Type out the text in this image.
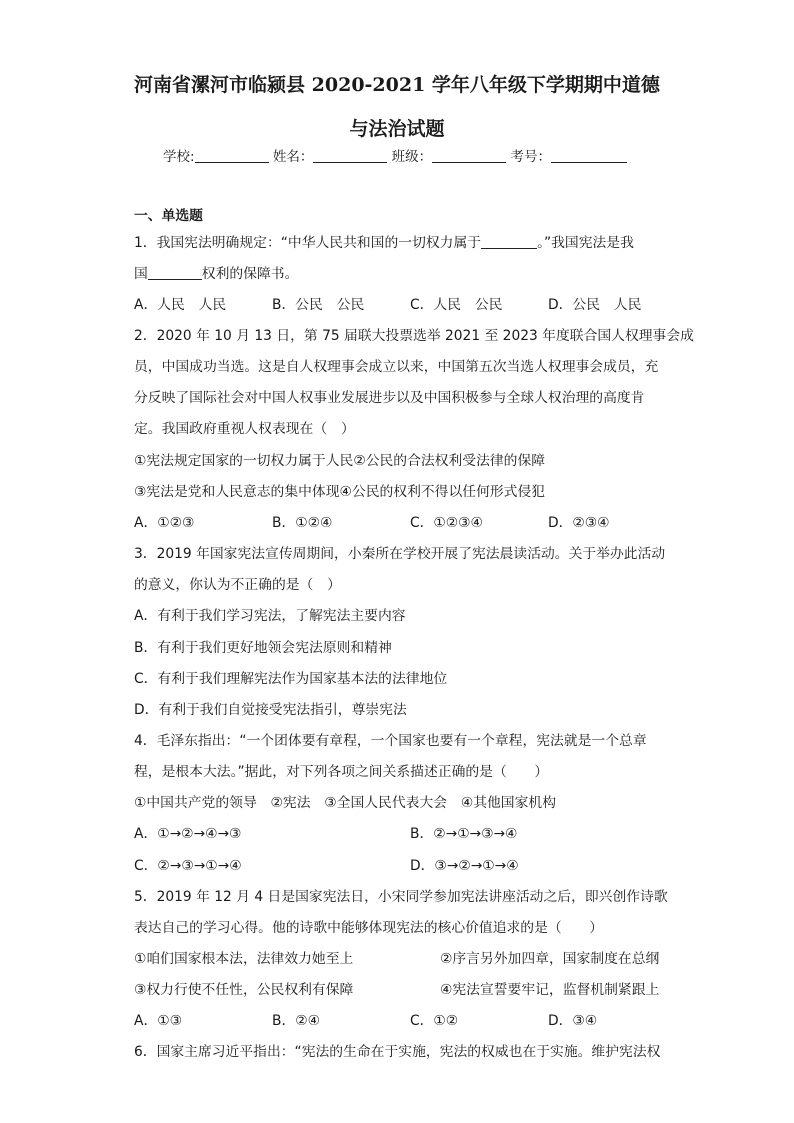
河南省漯河市临颍县 2020-2021 学年八年级下学期期中道德
与法治试题
学校:	姓名：	班级：	考号：
一、单选题
1．我国宪法明确规定：“中华人民共和国的一切权力属于	。”我国宪法是我
国	权利的保障书。
A．人民　人民	B．公民　公民	C．人民　公民	D．公民　人民
2．2020 年 10 月 13 日，第 75 届联大投票选举 2021 至 2023 年度联合国人权理事会成
员，中国成功当选。这是自人权理事会成立以来，中国第五次当选人权理事会成员，充
分反映了国际社会对中国人权事业发展进步以及中国积极参与全球人权治理的高度肯
定。我国政府重视人权表现在（　）
①宪法规定国家的一切权力属于人民②公民的合法权利受法律的保障
③宪法是党和人民意志的集中体现④公民的权利不得以任何形式侵犯
A．①②③	B．①②④	C．①②③④	D．②③④
3．2019 年国家宪法宣传周期间，小秦所在学校开展了宪法晨读活动。关于举办此活动
的意义，你认为不正确的是（　）
A．有利于我们学习宪法，了解宪法主要内容
B．有利于我们更好地领会宪法原则和精神
C．有利于我们理解宪法作为国家基本法的法律地位
D．有利于我们自觉接受宪法指引，尊崇宪法
4．毛泽东指出：“一个团体要有章程，一个国家也要有一个章程，宪法就是一个总章
程，是根本大法。”据此，对下列各项之间关系描述正确的是（　　）
①中国共产党的领导　②宪法　③全国人民代表大会　④其他国家机构
A．①→②→④→③	B．②→①→③→④
C．②→③→①→④	D．③→②→①→④
5．2019 年 12 月 4 日是国家宪法日，小宋同学参加宪法讲座活动之后，即兴创作诗歌
表达自己的学习心得。他的诗歌中能够体现宪法的核心价值追求的是（　　）
①咱们国家根本法，法律效力她至上	②序言另外加四章，国家制度在总纲
③权力行使不任性，公民权利有保障	④宪法宣誓要牢记，监督机制紧跟上
A．①③	B．②④	C．①②	D．③④
6．国家主席习近平指出：“宪法的生命在于实施，宪法的权威也在于实施。维护宪法权
